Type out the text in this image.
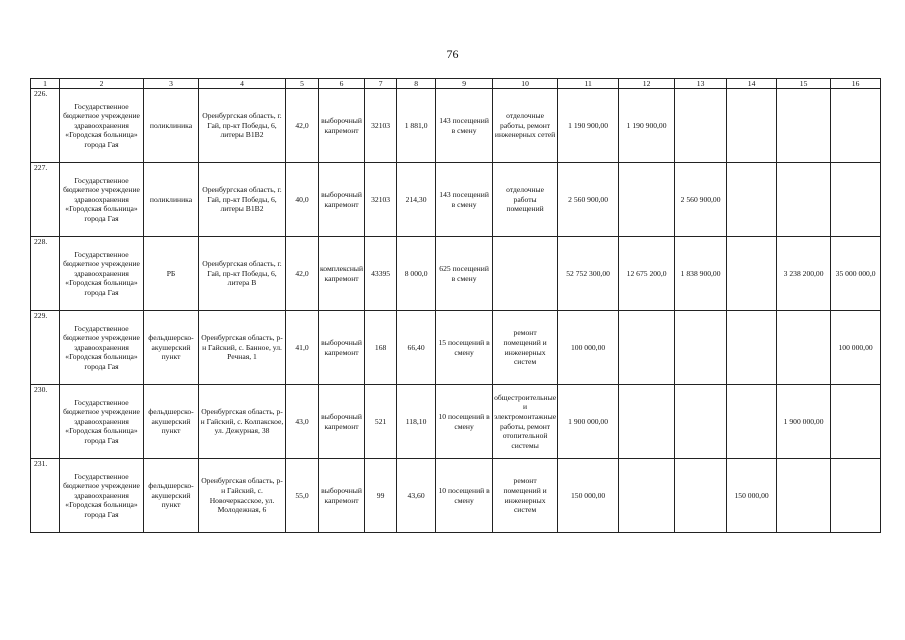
76
1	2	3	4	5	6	7	8	9	10	11	12	13	14	15	16
226.	Государственное бюджетное учреждение здравоохранения «Городская больница» города Гая	поликлиника	Оренбургская область, г. Гай, пр-кт Победы, 6, литеры В1В2	42,0	выборочный капремонт	32103	1 881,0	143 посещений в смену	отделочные работы, ремонт инженерных сетей	1 190 900,00	1 190 900,00				
227.	Государственное бюджетное учреждение здравоохранения «Городская больница» города Гая	поликлиника	Оренбургская область, г. Гай, пр-кт Победы, 6, литеры В1В2	40,0	выборочный капремонт	32103	214,30	143 посещений в смену	отделочные работы помещений	2 560 900,00		2 560 900,00			
228.	Государственное бюджетное учреждение здравоохранения «Городская больница» города Гая	РБ	Оренбургская область, г. Гай, пр-кт Победы, 6, литера В	42,0	комплексный капремонт	43395	8 000,0	625 посещений в смену		52 752 300,00	12 675 200,0	1 838 900,00		3 238 200,00	35 000 000,0
229.	Государственное бюджетное учреждение здравоохранения «Городская больница» города Гая	фельдшерско-акушерский пункт	Оренбургская область, р-н Гайский, с. Банное, ул. Речная, 1	41,0	выборочный капремонт	168	66,40	15 посещений в смену	ремонт помещений и инженерных систем	100 000,00					100 000,00
230.	Государственное бюджетное учреждение здравоохранения «Городская больница» города Гая	фельдшерско-акушерский пункт	Оренбургская область, р-н Гайский, с. Колпакское, ул. Дежурная, 38	43,0	выборочный капремонт	521	118,10	10 посещений в смену	общестроительные и электромонтажные работы, ремонт отопительной системы	1 900 000,00				1 900 000,00	
231.	Государственное бюджетное учреждение здравоохранения «Городская больница» города Гая	фельдшерско-акушерский пункт	Оренбургская область, р-н Гайский, с. Новочеркасское, ул. Молодежная, 6	55,0	выборочный капремонт	99	43,60	10 посещений в смену	ремонт помещений и инженерных систем	150 000,00			150 000,00		
